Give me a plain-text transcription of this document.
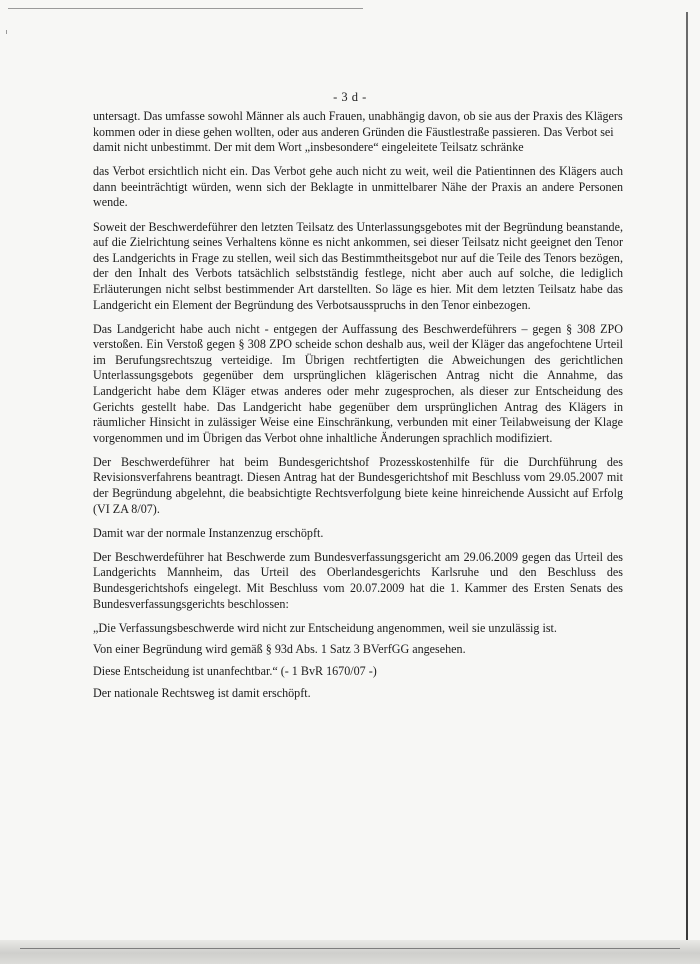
- 3 d -

untersagt. Das umfasse sowohl Männer als auch Frauen, unabhängig davon, ob sie aus der Praxis des Klägers kommen oder in diese gehen wollten, oder aus anderen Gründen die Fäustlestraße passieren. Das Verbot sei damit nicht unbestimmt. Der mit dem Wort „insbesondere“ eingeleitete Teilsatz schränke

das Verbot ersichtlich nicht ein. Das Verbot gehe auch nicht zu weit, weil die Patientinnen des Klägers auch dann beeinträchtigt würden, wenn sich der Beklagte in unmittelbarer Nähe der Praxis an andere Personen wende.

Soweit der Beschwerdeführer den letzten Teilsatz des Unterlassungsgebotes mit der Begründung beanstande, auf die Zielrichtung seines Verhaltens könne es nicht ankommen, sei dieser Teilsatz nicht geeignet den Tenor des Landgerichts in Frage zu stellen, weil sich das Bestimmtheitsgebot nur auf die Teile des Tenors bezögen, der den Inhalt des Verbots tatsächlich selbstständig festlege, nicht aber auch auf solche, die lediglich Erläuterungen nicht selbst bestimmender Art darstellten. So läge es hier. Mit dem letzten Teilsatz habe das Landgericht ein Element der Begründung des Verbotsausspruchs in den Tenor einbezogen.

Das Landgericht habe auch nicht - entgegen der Auffassung des Beschwerdeführers – gegen § 308 ZPO verstoßen. Ein Verstoß gegen § 308 ZPO scheide schon deshalb aus, weil der Kläger das angefochtene Urteil im Berufungsrechtszug verteidige. Im Übrigen rechtfertigten die Abweichungen des gerichtlichen Unterlassungsgebots gegenüber dem ursprünglichen klägerischen Antrag nicht die Annahme, das Landgericht habe dem Kläger etwas anderes oder mehr zugesprochen, als dieser zur Entscheidung des Gerichts gestellt habe. Das Landgericht habe gegenüber dem ursprünglichen Antrag des Klägers in räumlicher Hinsicht in zulässiger Weise eine Einschränkung, verbunden mit einer Teilabweisung der Klage vorgenommen und im Übrigen das Verbot ohne inhaltliche Änderungen sprachlich modifiziert.

Der Beschwerdeführer hat beim Bundesgerichtshof Prozesskostenhilfe für die Durchführung des Revisionsverfahrens beantragt. Diesen Antrag hat der Bundesgerichtshof mit Beschluss vom 29.05.2007 mit der Begründung abgelehnt, die beabsichtigte Rechtsverfolgung biete keine hinreichende Aussicht auf Erfolg (VI ZA 8/07).

Damit war der normale Instanzenzug erschöpft.

Der Beschwerdeführer hat Beschwerde zum Bundesverfassungsgericht am 29.06.2009 gegen das Urteil des Landgerichts Mannheim, das Urteil des Oberlandesgerichts Karlsruhe und den Beschluss des Bundesgerichtshofs eingelegt. Mit Beschluss vom 20.07.2009 hat die 1. Kammer des Ersten Senats des Bundesverfassungsgerichts beschlossen:

„Die Verfassungsbeschwerde wird nicht zur Entscheidung angenommen, weil sie unzulässig ist.

Von einer Begründung wird gemäß § 93d Abs. 1 Satz 3 BVerfGG angesehen.

Diese Entscheidung ist unanfechtbar.“ (- 1 BvR 1670/07 -)

Der nationale Rechtsweg ist damit erschöpft.
